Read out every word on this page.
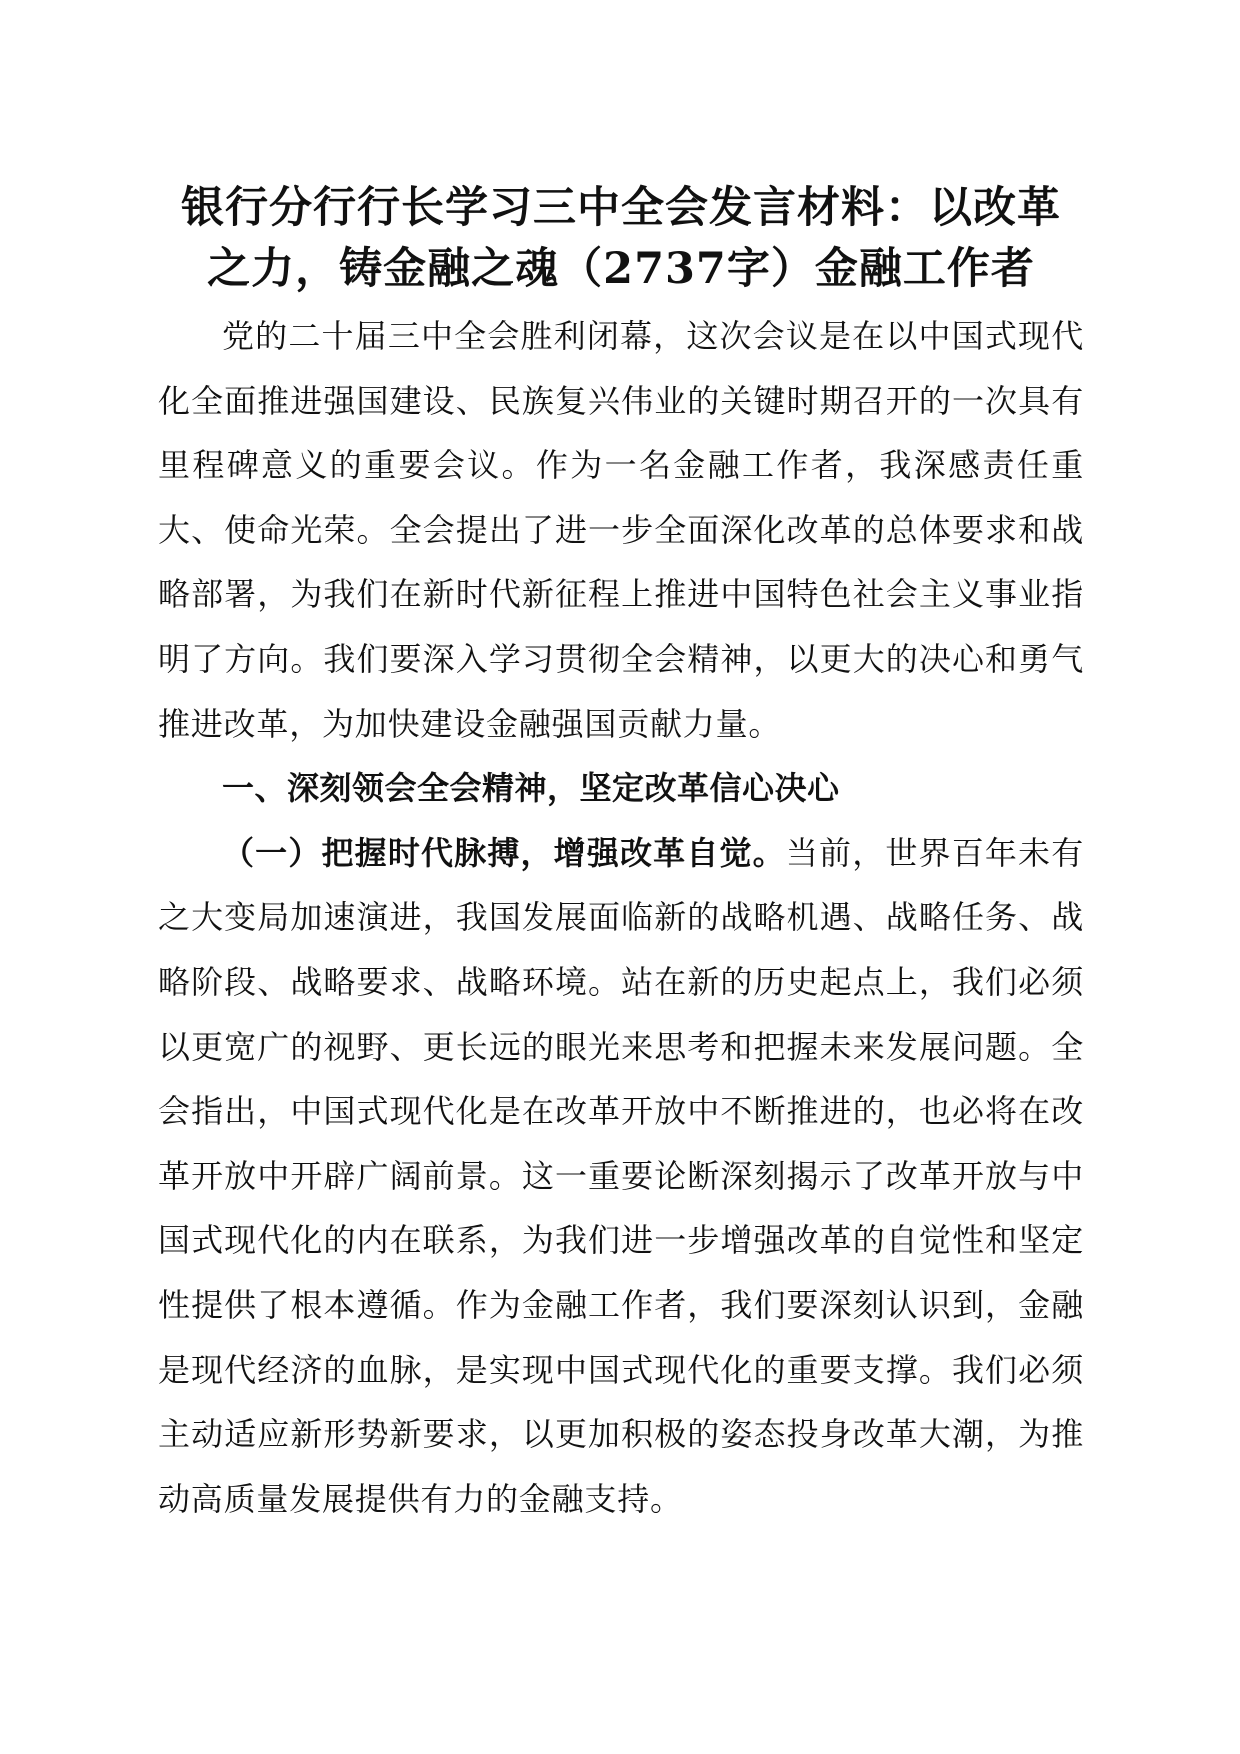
银行分行行长学习三中全会发言材料：以改革
之力，铸金融之魂（2737字）金融工作者

党的二十届三中全会胜利闭幕，这次会议是在以中国式现代化全面推进强国建设、民族复兴伟业的关键时期召开的一次具有里程碑意义的重要会议。作为一名金融工作者，我深感责任重大、使命光荣。全会提出了进一步全面深化改革的总体要求和战略部署，为我们在新时代新征程上推进中国特色社会主义事业指明了方向。我们要深入学习贯彻全会精神，以更大的决心和勇气推进改革，为加快建设金融强国贡献力量。

一、深刻领会全会精神，坚定改革信心决心

（一）把握时代脉搏，增强改革自觉。当前，世界百年未有之大变局加速演进，我国发展面临新的战略机遇、战略任务、战略阶段、战略要求、战略环境。站在新的历史起点上，我们必须以更宽广的视野、更长远的眼光来思考和把握未来发展问题。全会指出，中国式现代化是在改革开放中不断推进的，也必将在改革开放中开辟广阔前景。这一重要论断深刻揭示了改革开放与中国式现代化的内在联系，为我们进一步增强改革的自觉性和坚定性提供了根本遵循。作为金融工作者，我们要深刻认识到，金融是现代经济的血脉，是实现中国式现代化的重要支撑。我们必须主动适应新形势新要求，以更加积极的姿态投身改革大潮，为推动高质量发展提供有力的金融支持。
